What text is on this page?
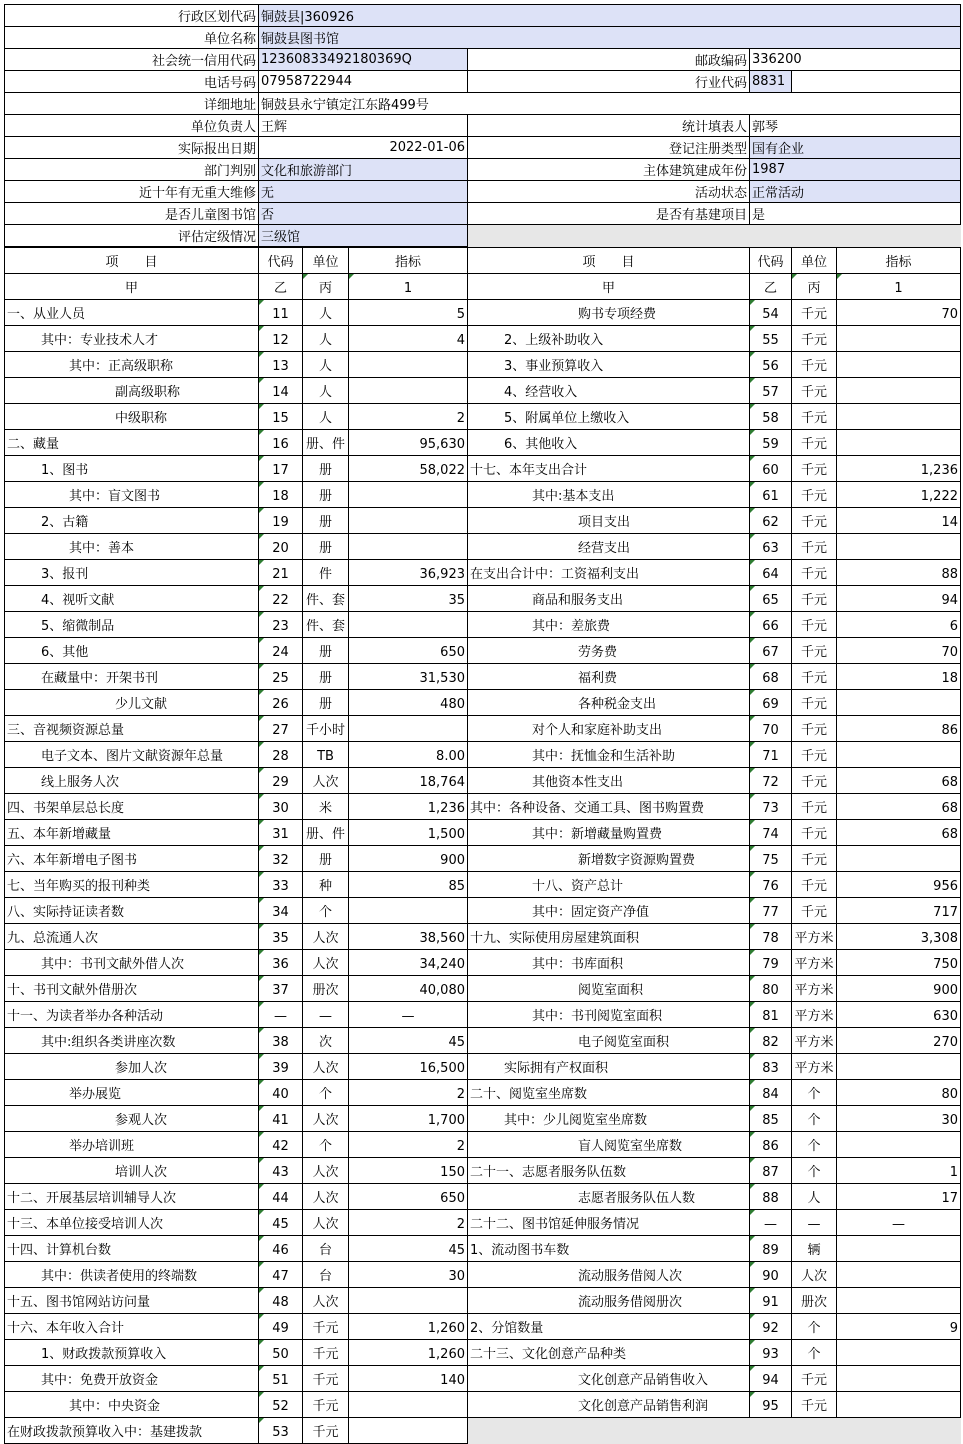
行政区划代码	铜鼓县|360926			
单位名称	铜鼓县图书馆			
社会统一信用代码	12360833492180369Q	邮政编码	336200	
电话号码	07958722944	行业代码	8831	
详细地址	铜鼓县永宁镇定江东路499号			
单位负责人	王辉	统计填表人	郭琴	
实际报出日期	2022-01-06	登记注册类型	国有企业	
部门判别	文化和旅游部门	主体建筑建成年份	1987	
近十年有无重大维修	无	活动状态	正常活动	
是否儿童图书馆	否	是否有基建项目	是	
评估定级情况	三级馆			
项　　目	代码	单位	指标	项　　目	代码	单位	指标
甲	乙	丙	1	甲	乙	丙	1
一、从业人员	11	人	5	购书专项经费	54	千元	70
其中：专业技术人才	12	人	4	2、上级补助收入	55	千元	
其中：正高级职称	13	人		3、事业预算收入	56	千元	
副高级职称	14	人		4、经营收入	57	千元	
中级职称	15	人	2	5、附属单位上缴收入	58	千元	
二、藏量	16	册、件	95,630	6、其他收入	59	千元	
1、图书	17	册	58,022	十七、本年支出合计	60	千元	1,236
其中：盲文图书	18	册		其中:基本支出	61	千元	1,222
2、古籍	19	册		项目支出	62	千元	14
其中：善本	20	册		经营支出	63	千元	
3、报刊	21	件	36,923	在支出合计中：工资福利支出	64	千元	88
4、视听文献	22	件、套	35	商品和服务支出	65	千元	94
5、缩微制品	23	件、套		其中：差旅费	66	千元	6
6、其他	24	册	650	劳务费	67	千元	70
在藏量中：开架书刊	25	册	31,530	福利费	68	千元	18
少儿文献	26	册	480	各种税金支出	69	千元	
三、音视频资源总量	27	千小时		对个人和家庭补助支出	70	千元	86
电子文本、图片文献资源年总量	28	TB	8.00	其中：抚恤金和生活补助	71	千元	
线上服务人次	29	人次	18,764	其他资本性支出	72	千元	68
四、书架单层总长度	30	米	1,236	其中：各种设备、交通工具、图书购置费	73	千元	68
五、本年新增藏量	31	册、件	1,500	其中：新增藏量购置费	74	千元	68
六、本年新增电子图书	32	册	900	新增数字资源购置费	75	千元	
七、当年购买的报刊种类	33	种	85	十八、资产总计	76	千元	956
八、实际持证读者数	34	个		其中：固定资产净值	77	千元	717
九、总流通人次	35	人次	38,560	十九、实际使用房屋建筑面积	78	平方米	3,308
其中：书刊文献外借人次	36	人次	34,240	其中：书库面积	79	平方米	750
十、书刊文献外借册次	37	册次	40,080	阅览室面积	80	平方米	900
十一、为读者举办各种活动	—	—	—	其中：书刊阅览室面积	81	平方米	630
其中:组织各类讲座次数	38	次	45	电子阅览室面积	82	平方米	270
参加人次	39	人次	16,500	实际拥有产权面积	83	平方米	
举办展览	40	个	2	二十、阅览室坐席数	84	个	80
参观人次	41	人次	1,700	其中：少儿阅览室坐席数	85	个	30
举办培训班	42	个	2	盲人阅览室坐席数	86	个	
培训人次	43	人次	150	二十一、志愿者服务队伍数	87	个	1
十二、开展基层培训辅导人次	44	人次	650	志愿者服务队伍人数	88	人	17
十三、本单位接受培训人次	45	人次	2	二十二、图书馆延伸服务情况	—	—	—
十四、计算机台数	46	台	45	1、流动图书车数	89	辆	
其中：供读者使用的终端数	47	台	30	流动服务借阅人次	90	人次	
十五、图书馆网站访问量	48	人次		流动服务借阅册次	91	册次	
十六、本年收入合计	49	千元	1,260	2、分馆数量	92	个	9
1、财政拨款预算收入	50	千元	1,260	二十三、文化创意产品种类	93	个	
其中：免费开放资金	51	千元	140	文化创意产品销售收入	94	千元	
其中：中央资金	52	千元		文化创意产品销售利润	95	千元	
在财政拨款预算收入中：基建拨款	53	千元					
